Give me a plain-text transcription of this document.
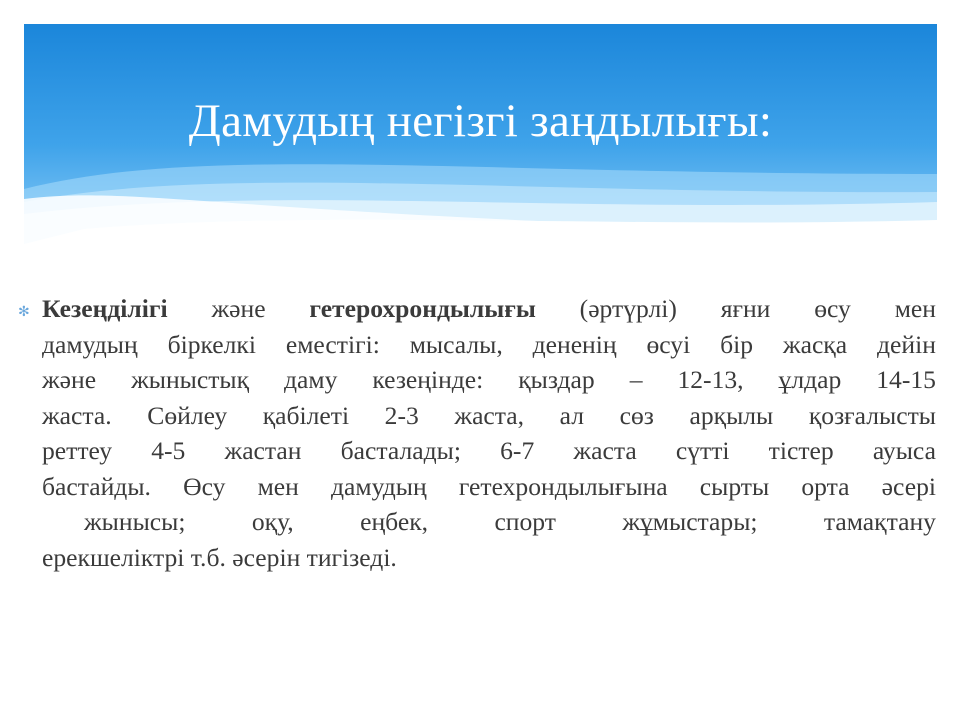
Дамудың негізгі заңдылығы:
✻ Кезеңділігі және гетерохрондылығы (әртүрлі) яғни өсу мен
дамудың біркелкі еместігі: мысалы, дененің өсуі бір жасқа дейін
және жыныстық даму кезеңінде: қыздар – 12-13, ұлдар 14-15
жаста. Сөйлеу қабілеті 2-3 жаста, ал сөз арқылы қозғалысты
реттеу 4-5 жастан басталады; 6-7 жаста сүтті тістер ауыса
бастайды. Өсу мен дамудың гетехрондылығына сырты орта әсері
жынысы;	оқу,	еңбек,	спорт	жұмыстары;	тамақтану
ерекшеліктрі т.б. әсерін тигізеді.
